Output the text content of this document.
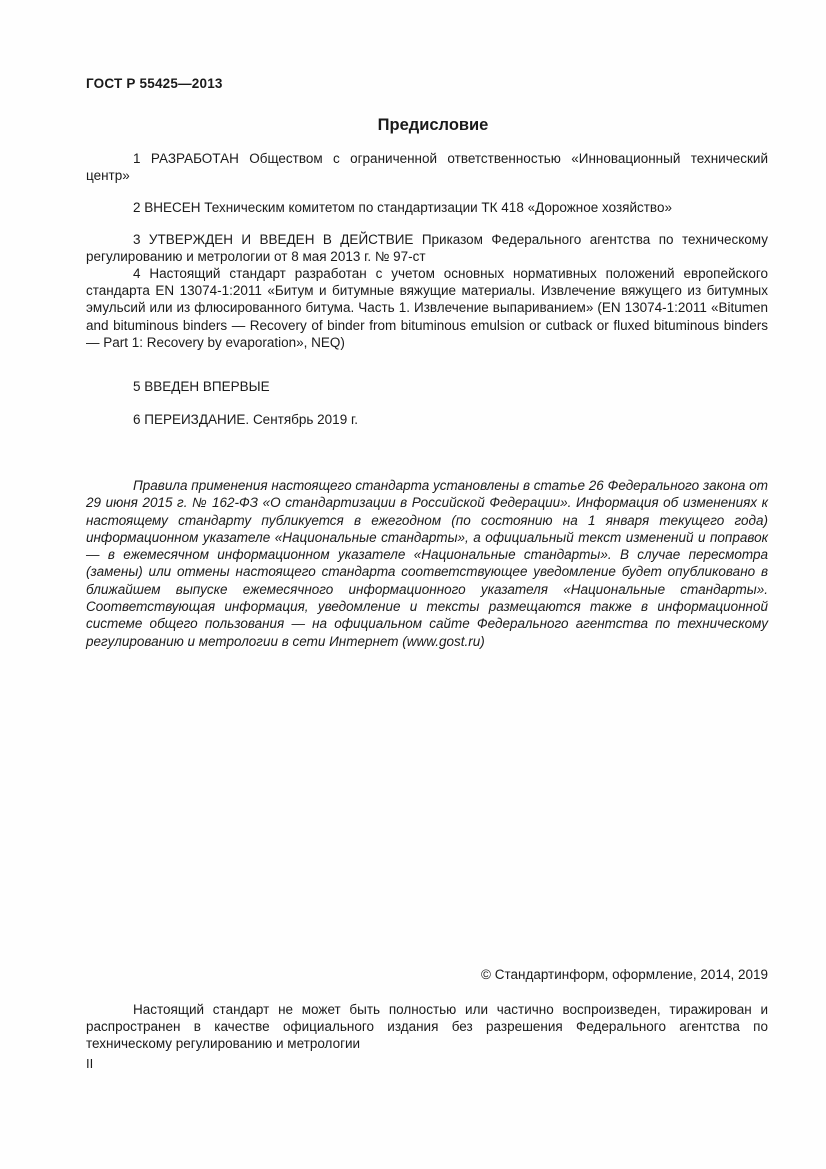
ГОСТ Р 55425—2013
Предисловие

1 РАЗРАБОТАН Обществом с ограниченной ответственностью «Инновационный технический центр»

2 ВНЕСЕН Техническим комитетом по стандартизации ТК 418 «Дорожное хозяйство»

3 УТВЕРЖДЕН И ВВЕДЕН В ДЕЙСТВИЕ Приказом Федерального агентства по техническому регулированию и метрологии от 8 мая 2013 г. № 97-ст

4 Настоящий стандарт разработан с учетом основных нормативных положений европейского стандарта EN 13074-1:2011 «Битум и битумные вяжущие материалы. Извлечение вяжущего из битумных эмульсий или из флюсированного битума. Часть 1. Извлечение выпариванием» (EN 13074-1:2011 «Bitumen and bituminous binders — Recovery of binder from bituminous emulsion or cutback or fluxed bituminous binders — Part 1: Recovery by evaporation», NEQ)

5 ВВЕДЕН ВПЕРВЫЕ

6 ПЕРЕИЗДАНИЕ. Сентябрь 2019 г.

Правила применения настоящего стандарта установлены в статье 26 Федерального закона от 29 июня 2015 г. № 162-ФЗ «О стандартизации в Российской Федерации». Информация об изменениях к настоящему стандарту публикуется в ежегодном (по состоянию на 1 января текущего года) информационном указателе «Национальные стандарты», а официальный текст изменений и поправок — в ежемесячном информационном указателе «Национальные стандарты». В случае пересмотра (замены) или отмены настоящего стандарта соответствующее уведомление будет опубликовано в ближайшем выпуске ежемесячного информационного указателя «Национальные стандарты». Соответствующая информация, уведомление и тексты размещаются также в информационной системе общего пользования — на официальном сайте Федерального агентства по техническому регулированию и метрологии в сети Интернет (www.gost.ru)

© Стандартинформ, оформление, 2014, 2019

Настоящий стандарт не может быть полностью или частично воспроизведен, тиражирован и распространен в качестве официального издания без разрешения Федерального агентства по техническому регулированию и метрологии

II
